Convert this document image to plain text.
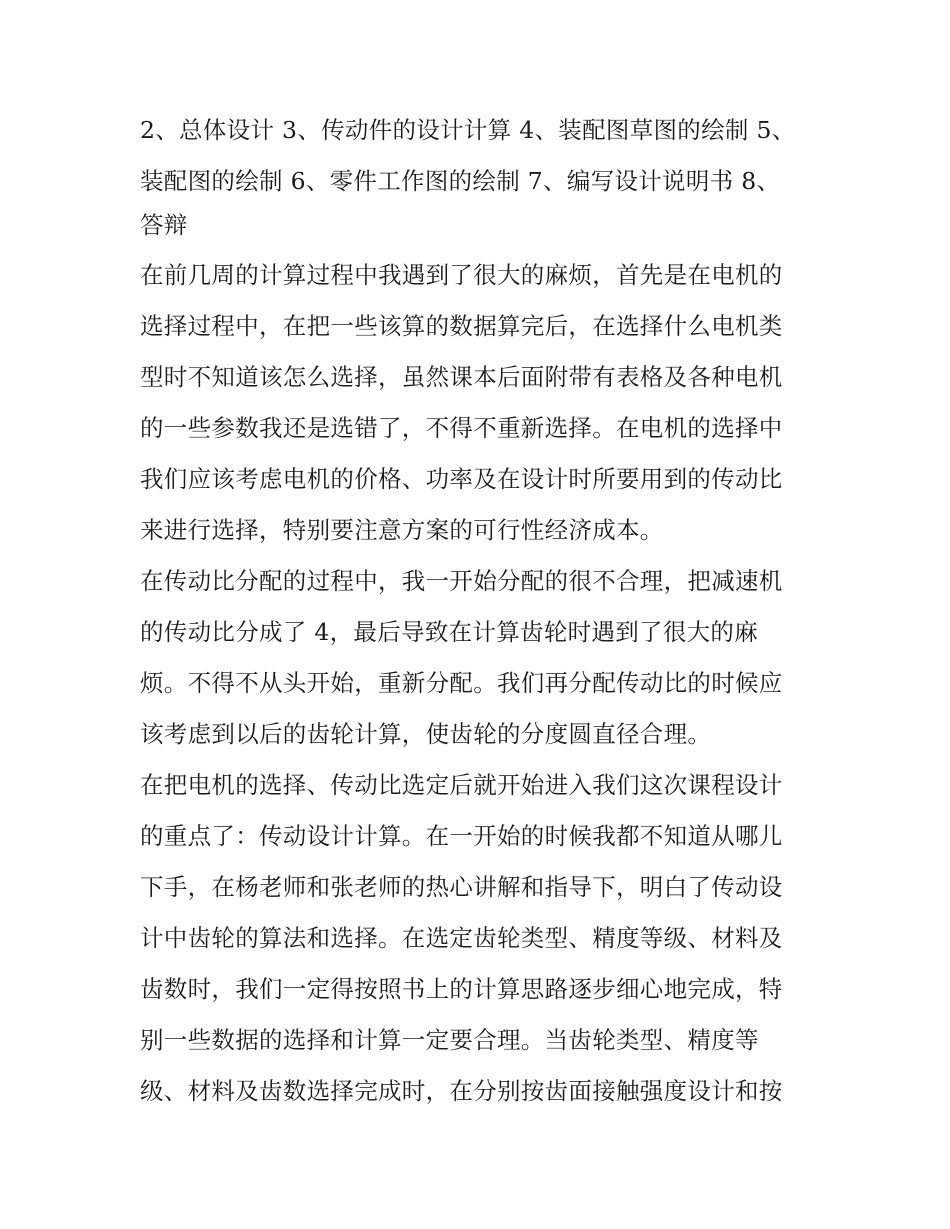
2、总体设计 3、传动件的设计计算 4、装配图草图的绘制 5、
装配图的绘制 6、零件工作图的绘制 7、编写设计说明书 8、
答辩
在前几周的计算过程中我遇到了很大的麻烦，首先是在电机的
选择过程中，在把一些该算的数据算完后，在选择什么电机类
型时不知道该怎么选择，虽然课本后面附带有表格及各种电机
的一些参数我还是选错了，不得不重新选择。在电机的选择中
我们应该考虑电机的价格、功率及在设计时所要用到的传动比
来进行选择，特别要注意方案的可行性经济成本。
在传动比分配的过程中，我一开始分配的很不合理，把减速机
的传动比分成了 4，最后导致在计算齿轮时遇到了很大的麻
烦。不得不从头开始，重新分配。我们再分配传动比的时候应
该考虑到以后的齿轮计算，使齿轮的分度圆直径合理。
在把电机的选择、传动比选定后就开始进入我们这次课程设计
的重点了：传动设计计算。在一开始的时候我都不知道从哪儿
下手，在杨老师和张老师的热心讲解和指导下，明白了传动设
计中齿轮的算法和选择。在选定齿轮类型、精度等级、材料及
齿数时，我们一定得按照书上的计算思路逐步细心地完成，特
别一些数据的选择和计算一定要合理。当齿轮类型、精度等
级、材料及齿数选择完成时，在分别按齿面接触强度设计和按
